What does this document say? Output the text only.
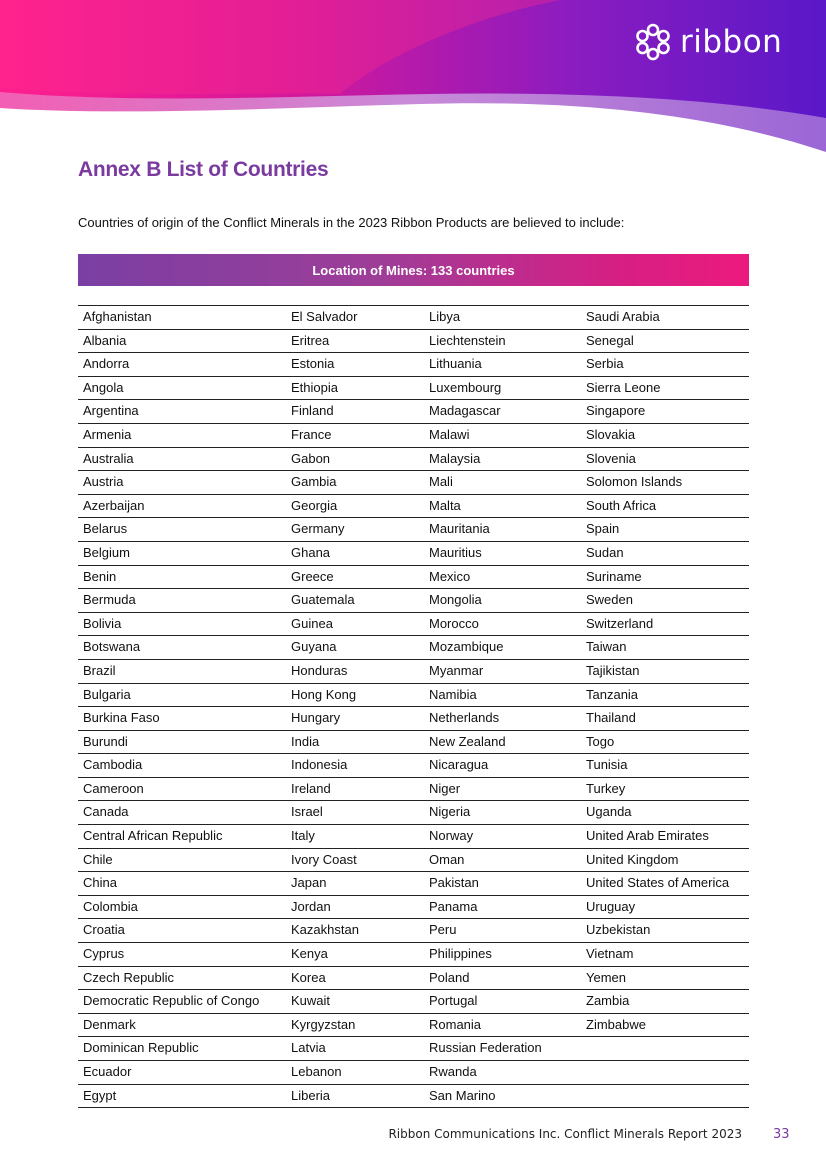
ribbon
Annex B List of Countries
Countries of origin of the Conflict Minerals in the 2023 Ribbon Products are believed to include:
Location of Mines: 133 countries
Afghanistan	El Salvador	Libya	Saudi Arabia
Albania	Eritrea	Liechtenstein	Senegal
Andorra	Estonia	Lithuania	Serbia
Angola	Ethiopia	Luxembourg	Sierra Leone
Argentina	Finland	Madagascar	Singapore
Armenia	France	Malawi	Slovakia
Australia	Gabon	Malaysia	Slovenia
Austria	Gambia	Mali	Solomon Islands
Azerbaijan	Georgia	Malta	South Africa
Belarus	Germany	Mauritania	Spain
Belgium	Ghana	Mauritius	Sudan
Benin	Greece	Mexico	Suriname
Bermuda	Guatemala	Mongolia	Sweden
Bolivia	Guinea	Morocco	Switzerland
Botswana	Guyana	Mozambique	Taiwan
Brazil	Honduras	Myanmar	Tajikistan
Bulgaria	Hong Kong	Namibia	Tanzania
Burkina Faso	Hungary	Netherlands	Thailand
Burundi	India	New Zealand	Togo
Cambodia	Indonesia	Nicaragua	Tunisia
Cameroon	Ireland	Niger	Turkey
Canada	Israel	Nigeria	Uganda
Central African Republic	Italy	Norway	United Arab Emirates
Chile	Ivory Coast	Oman	United Kingdom
China	Japan	Pakistan	United States of America
Colombia	Jordan	Panama	Uruguay
Croatia	Kazakhstan	Peru	Uzbekistan
Cyprus	Kenya	Philippines	Vietnam
Czech Republic	Korea	Poland	Yemen
Democratic Republic of Congo	Kuwait	Portugal	Zambia
Denmark	Kyrgyzstan	Romania	Zimbabwe
Dominican Republic	Latvia	Russian Federation
Ecuador	Lebanon	Rwanda
Egypt	Liberia	San Marino
Ribbon Communications Inc. Conflict Minerals Report 2023 33
